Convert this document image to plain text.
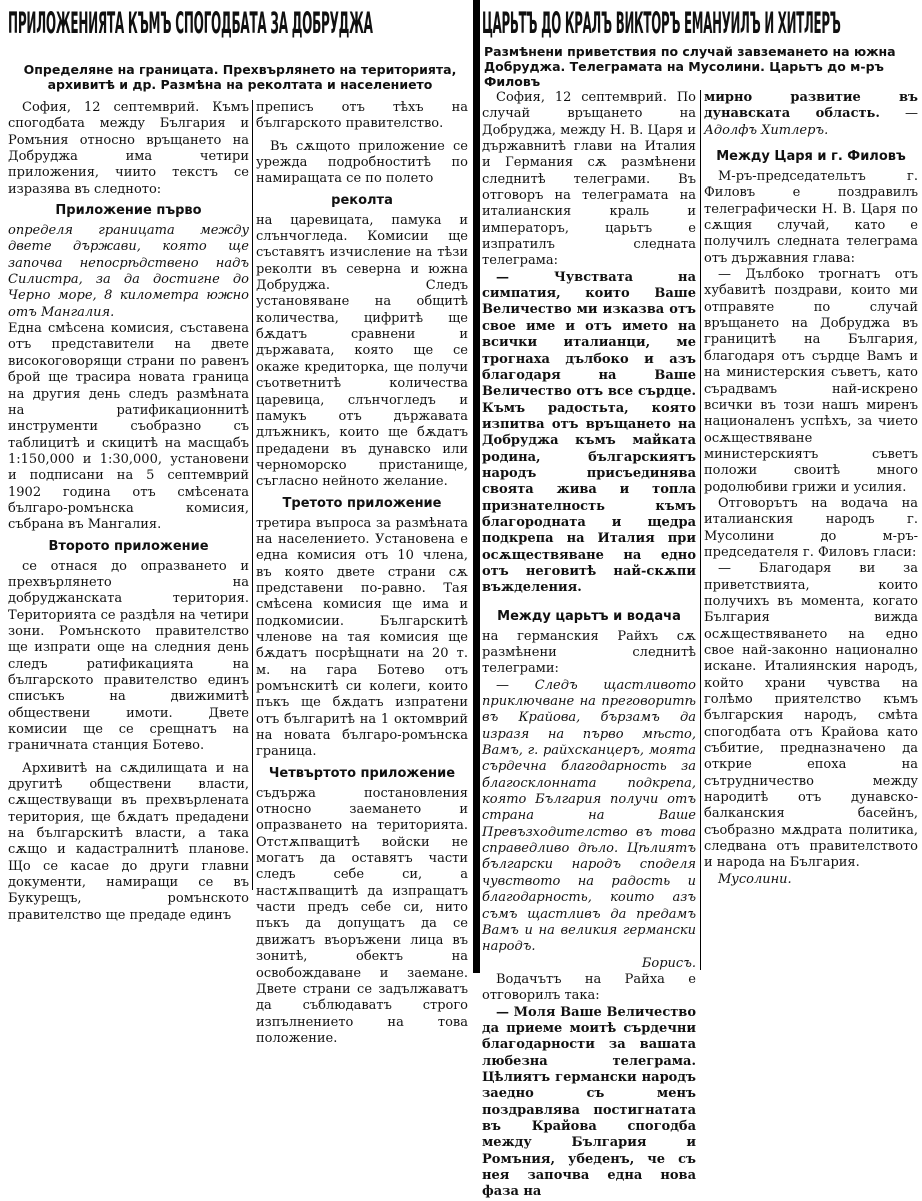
ПРИЛОЖЕНИЯТА КЪМЪ СПОГОДБАТА ЗА ДОБРУДЖА
Определяне на границата. Прехвърлянето на територията, архивитѣ и др. Размѣна на реколтата и населението

София, 12 септемврий. Къмъ спогодбата между България и Ромъния относно връщането на Добруджа има четири приложения, чиито текстъ се изразява въ следното:

Приложение първо

определя границата между двете държави, която ще започва непосрѣдствено надъ Силистра, за да достигне до Черно море, 8 километра южно отъ Мангалия.

Една смѣсена комисия, съставена отъ представители на двете високоговорящи страни по равенъ брой ще трасира новата граница на другия день следъ размѣната на ратификационнитѣ инструменти съобразно съ таблицитѣ и скицитѣ на масщабъ 1:150,000 и 1:30,000, установени и подписани на 5 септемврий 1902 година отъ смѣсената българо-ромънска комисия, събрана въ Мангалия.

Второто приложение

се отнася до опразването и прехвърлянето на добруджанската територия. Територията се раздѣля на четири зони. Ромънското правителство ще изпрати още на следния день следъ ратификацията на българското правителство единъ списъкъ на движимитѣ обществени имоти. Двете комисии ще се срещнатъ на граничната станция Ботево.

Архивитѣ на сѫдилищата и на другитѣ обществени власти, сѫществуващи въ прехвърлената територия, ще бѫдатъ предадени на българскитѣ власти, а така сѫщо и кадастралнитѣ планове. Що се касае до други главни документи, намиращи се въ Букурещъ, ромънското правителство ще предаде единъ

преписъ отъ тѣхъ на българското правителство.

Въ сѫщото приложение се урежда подробноститѣ по намиращата се по полето

реколта

на царевицата, памука и слънчогледа. Комисии ще съставятъ изчисление на тѣзи реколти въ северна и южна Добруджа. Следъ установяване на общитѣ количества, цифритѣ ще бѫдатъ сравнени и държавата, която ще се окаже кредиторка, ще получи съответнитѣ количества царевица, слънчогледъ и памукъ отъ държавата длъжникъ, които ще бѫдатъ предадени въ дунавско или черноморско пристанище, съгласно нейното желание.

Третото приложение

третира въпроса за размѣната на населението. Установена е една комисия отъ 10 члена, въ която двете страни сѫ представени по-равно. Тая смѣсена комисия ще има и подкомисии. Българскитѣ членове на тая комисия ще бѫдатъ посрѣщнати на 20 т. м. на гара Ботево отъ ромънскитѣ си колеги, които пъкъ ще бѫдатъ изпратени отъ българитѣ на 1 октомврий на новата българо-ромънска граница.

Четвъртото приложение

съдържа постановления относно заемането и опразването на територията. Отстѫпващитѣ войски не могатъ да оставятъ части следъ себе си, а настѫпващитѣ да изпращатъ части предъ себе си, нито пъкъ да допущатъ да се движатъ въоръжени лица въ зонитѣ, обектъ на освобождаване и заемане. Двете страни се задължаватъ да съблюдаватъ строго изпълнението на това положение.

ЦАРЬТЪ ДО КРАЛЪ ВИКТОРЪ ЕМАНУИЛЪ И ХИТЛЕРЪ
Размѣнени приветствия по случай завземането на южна Добруджа. Телеграмата на Мусолини. Царьтъ до м-ръ Филовъ

София, 12 септемврий. По случай връщането на Добруджа, между Н. В. Царя и държавнитѣ глави на Италия и Германия сѫ размѣнени следнитѣ телеграми. Въ отговоръ на телеграмата на италианския краль и императоръ, царьтъ е изпратилъ следната телеграма:

— Чувствата на симпатия, които Ваше Величество ми изказва отъ свое име и отъ името на всички италианци, ме трогнаха дълбоко и азъ благодаря на Ваше Величество отъ все сърдце. Къмъ радостьта, която изпитва отъ връщането на Добруджа къмъ майката родина, българскиятъ народъ присъединява своята жива и топла признателность къмъ благородната и щедра подкрепа на Италия при осѫществяване на едно отъ неговитѣ най-скѫпи въжделения.

Между царьтъ и водача

на германския Райхъ сѫ размѣнени следнитѣ телеграми:

— Следъ щастливото приключване на преговоритѣ въ Крайова, бързамъ да изразя на първо мѣсто, Вамъ, г. райхсканцеръ, моята сърдечна благодарность за благосклонната подкрепа, която България получи отъ страна на Ваше Превъзходителство въ това справедливо дѣло. Цѣлиятъ български народъ споделя чувството на радость и благодарность, които азъ съмъ щастливъ да предамъ Вамъ и на великия германски народъ.

Борисъ.

Водачътъ на Райха е отговорилъ така:

— Моля Ваше Величество да приеме моитѣ сърдечни благодарности за вашата любезна телеграма. Цѣлиятъ германски народъ заедно съ менъ поздравлява постигнатата въ Крайова спогодба между България и Ромъния, убеденъ, че съ нея започва една нова фаза на

мирно развитие въ дунавската область. — Адолфъ Хитлеръ.

Между Царя и г. Филовъ

М-ръ-председательтъ г. Филовъ е поздравилъ телеграфически Н. В. Царя по сѫщия случай, като е получилъ следната телеграма отъ държавния глава:

— Дълбоко трогнатъ отъ хубавитѣ поздрави, които ми отправяте по случай връщането на Добруджа въ границитѣ на България, благодаря отъ сърдце Вамъ и на министерския съветъ, като сърадвамъ най-искрено всички въ този нашъ миренъ националенъ успѣхъ, за чието осѫществяване министерскиятъ съветъ положи своитѣ много родолюбиви грижи и усилия.

Отговорътъ на водача на италианския народъ г. Мусолини до м-ръ-председателя г. Филовъ гласи:

— Благодаря ви за приветствията, които получихъ въ момента, когато България вижда осѫществяването на едно свое най-законно национално искане. Италиянския народъ, който храни чувства на голѣмо приятелство къмъ българския народъ, смѣта спогодбата отъ Крайова като събитие, предназначено да открие епоха на сътрудничество между народитѣ отъ дунавско-балканския басейнъ, съобразно мѫдрата политика, следвана отъ правителството и народа на България.

Мусолини.
